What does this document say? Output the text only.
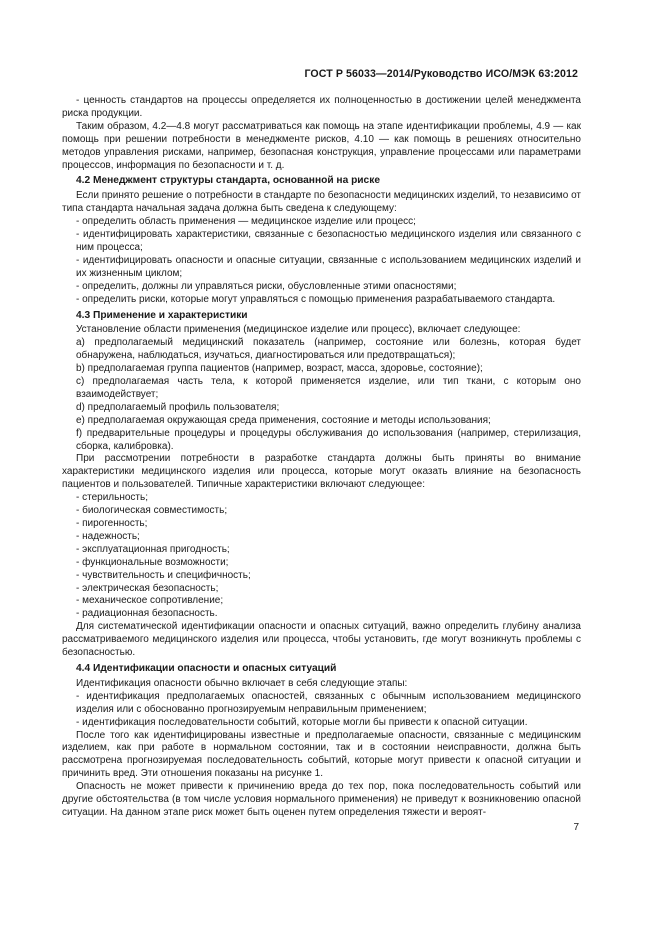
ГОСТ Р 56033—2014/Руководство ИСО/МЭК 63:2012

- ценность стандартов на процессы определяется их полноценностью в достижении целей менеджмента риска продукции.

Таким образом, 4.2—4.8 могут рассматриваться как помощь на этапе идентификации проблемы, 4.9 — как помощь при решении потребности в менеджменте рисков, 4.10 — как помощь в решениях относительно методов управления рисками, например, безопасная конструкция, управление процессами или параметрами процессов, информация по безопасности и т. д.

4.2 Менеджмент структуры стандарта, основанной на риске

Если принято решение о потребности в стандарте по безопасности медицинских изделий, то независимо от типа стандарта начальная задача должна быть сведена к следующему:

- определить область применения — медицинское изделие или процесс;

- идентифицировать характеристики, связанные с безопасностью медицинского изделия или связанного с ним процесса;

- идентифицировать опасности и опасные ситуации, связанные с использованием медицинских изделий и их жизненным циклом;

- определить, должны ли управляться риски, обусловленные этими опасностями;

- определить риски, которые могут управляться с помощью применения разрабатываемого стандарта.

4.3 Применение и характеристики

Установление области применения (медицинское изделие или процесс), включает следующее:

a) предполагаемый медицинский показатель (например, состояние или болезнь, которая будет обнаружена, наблюдаться, изучаться, диагностироваться или предотвращаться);

b) предполагаемая группа пациентов (например, возраст, масса, здоровье, состояние);

c) предполагаемая часть тела, к которой применяется изделие, или тип ткани, с которым оно взаимодействует;

d) предполагаемый профиль пользователя;

e) предполагаемая окружающая среда применения, состояние и методы использования;

f) предварительные процедуры и процедуры обслуживания до использования (например, стерилизация, сборка, калибровка).

При рассмотрении потребности в разработке стандарта должны быть приняты во внимание характеристики медицинского изделия или процесса, которые могут оказать влияние на безопасность пациентов и пользователей. Типичные характеристики включают следующее:

- стерильность;

- биологическая совместимость;

- пирогенность;

- надежность;

- эксплуатационная пригодность;

- функциональные возможности;

- чувствительность и специфичность;

- электрическая безопасность;

- механическое сопротивление;

- радиационная безопасность.

Для систематической идентификации опасности и опасных ситуаций, важно определить глубину анализа рассматриваемого медицинского изделия или процесса, чтобы установить, где могут возникнуть проблемы с безопасностью.

4.4 Идентификации опасности и опасных ситуаций

Идентификация опасности обычно включает в себя следующие этапы:

- идентификация предполагаемых опасностей, связанных с обычным использованием медицинского изделия или с обоснованно прогнозируемым неправильным применением;

- идентификация последовательности событий, которые могли бы привести к опасной ситуации.

После того как идентифицированы известные и предполагаемые опасности, связанные с медицинским изделием, как при работе в нормальном состоянии, так и в состоянии неисправности, должна быть рассмотрена прогнозируемая последовательность событий, которые могут привести к опасной ситуации и причинить вред. Эти отношения показаны на рисунке 1.

Опасность не может привести к причинению вреда до тех пор, пока последовательность событий или другие обстоятельства (в том числе условия нормального применения) не приведут к возникновению опасной ситуации. На данном этапе риск может быть оценен путем определения тяжести и вероят-

7
